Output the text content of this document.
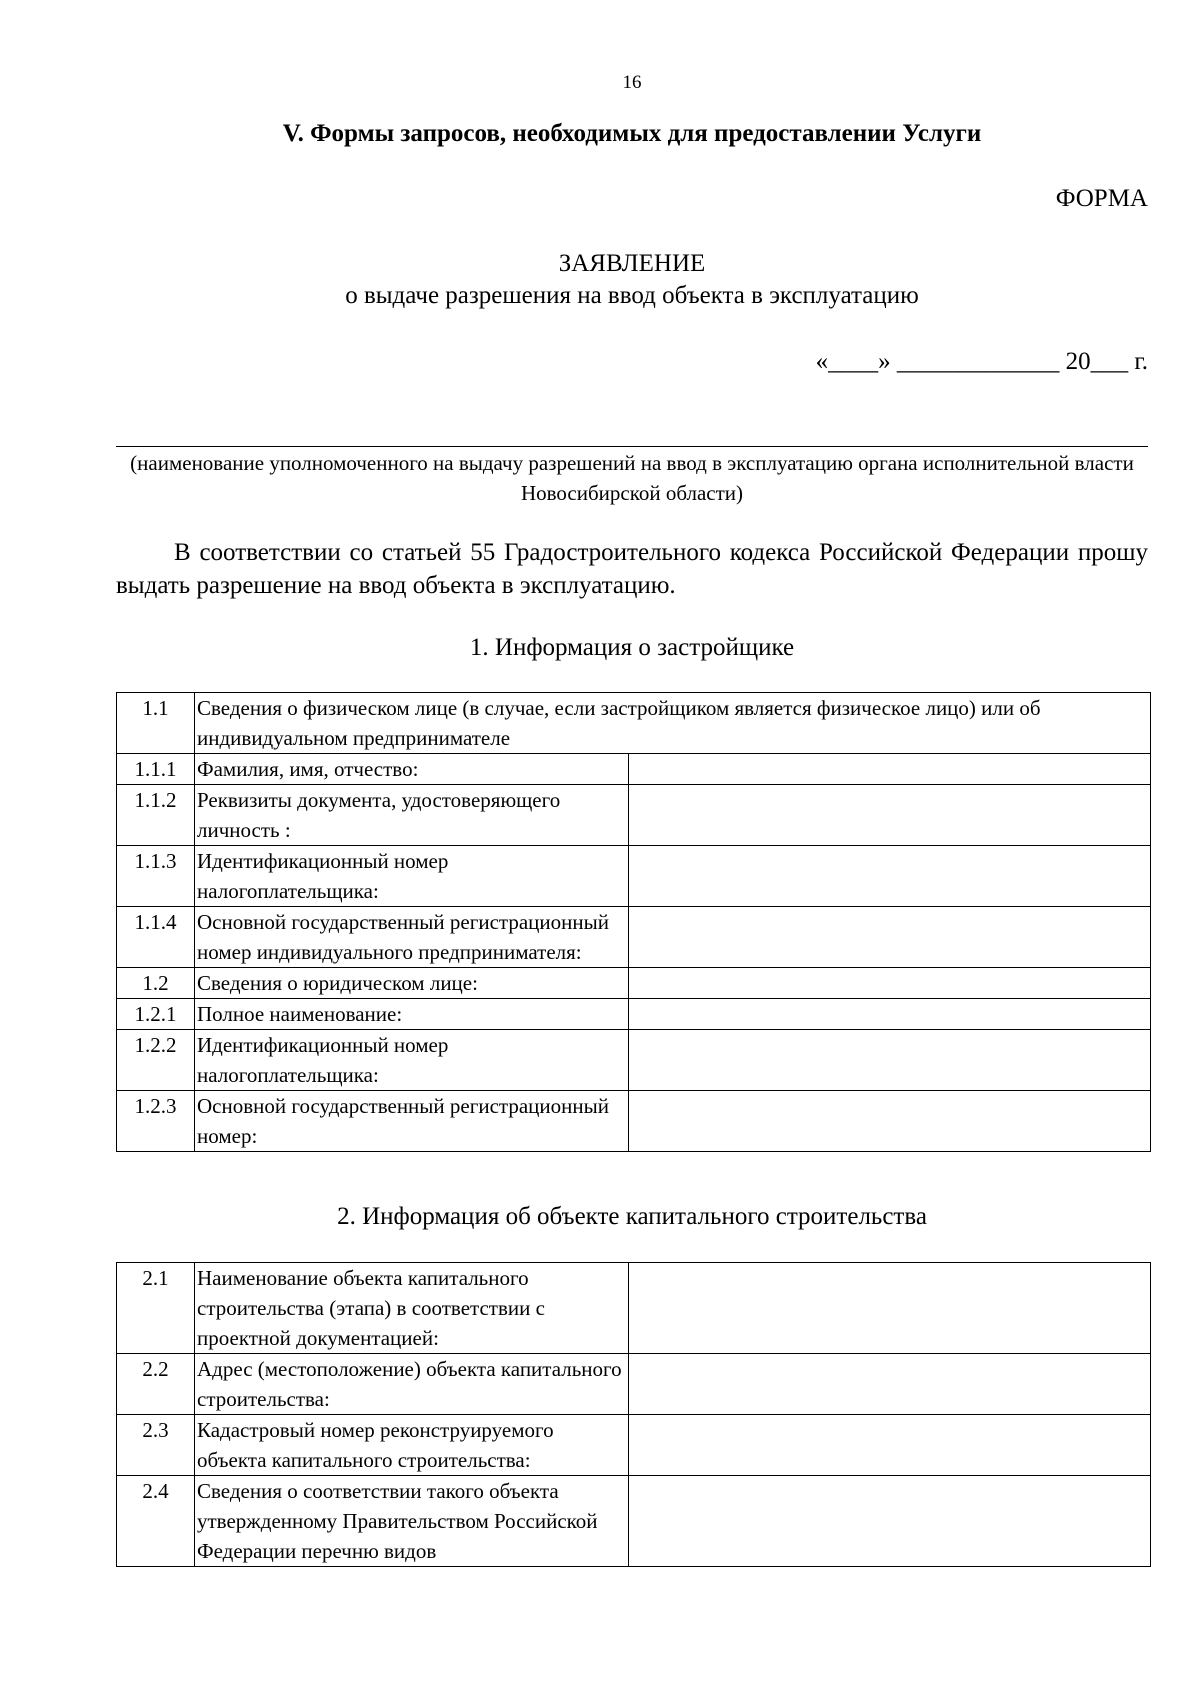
16
V. Формы запросов, необходимых для предоставлении Услуги
ФОРМА
ЗАЯВЛЕНИЕ
о выдаче разрешения на ввод объекта в эксплуатацию
«____» _____________ 20___ г.
(наименование уполномоченного на выдачу разрешений на ввод в эксплуатацию органа исполнительной власти Новосибирской области)
В соответствии со статьей 55 Градостроительного кодекса Российской Федерации прошу выдать разрешение на ввод объекта в эксплуатацию.
1. Информация о застройщике
1.1	Сведения о физическом лице (в случае, если застройщиком является физическое лицо) или об индивидуальном предпринимателе	
1.1.1	Фамилия, имя, отчество:	
1.1.2	Реквизиты документа, удостоверяющего личность :	
1.1.3	Идентификационный номер налогоплательщика:	
1.1.4	Основной государственный регистрационный номер индивидуального предпринимателя:	
1.2	Сведения о юридическом лице:	
1.2.1	Полное наименование:	
1.2.2	Идентификационный номер налогоплательщика:	
1.2.3	Основной государственный регистрационный номер:	
2. Информация об объекте капитального строительства
2.1	Наименование объекта капитального строительства (этапа) в соответствии с проектной документацией:	
2.2	Адрес (местоположение) объекта капитального строительства:	
2.3	Кадастровый номер реконструируемого объекта капитального строительства:	
2.4	Сведения о соответствии такого объекта утвержденному Правительством Российской Федерации перечню видов	
